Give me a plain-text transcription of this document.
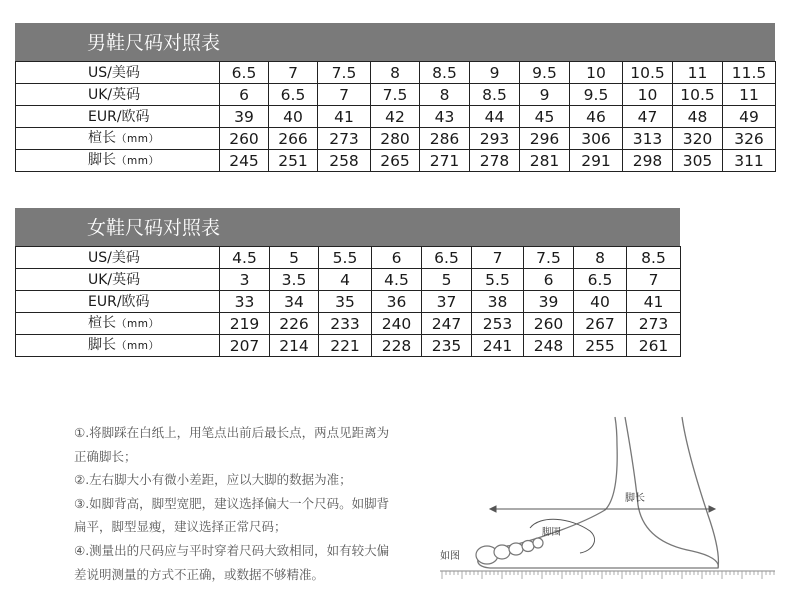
男鞋尺码对照表
US/美码	6.5	7	7.5	8	8.5	9	9.5	10	10.5	11	11.5
UK/英码	6	6.5	7	7.5	8	8.5	9	9.5	10	10.5	11
EUR/欧码	39	40	41	42	43	44	45	46	47	48	49
楦长（mm）	260	266	273	280	286	293	296	306	313	320	326
脚长（mm）	245	251	258	265	271	278	281	291	298	305	311
女鞋尺码对照表
US/美码	4.5	5	5.5	6	6.5	7	7.5	8	8.5
UK/英码	3	3.5	4	4.5	5	5.5	6	6.5	7
EUR/欧码	33	34	35	36	37	38	39	40	41
楦长（mm）	219	226	233	240	247	253	260	267	273
脚长（mm）	207	214	221	228	235	241	248	255	261

①.将脚踩在白纸上，用笔点出前后最长点，两点见距离为

正确脚长；

②.左右脚大小有微小差距，应以大脚的数据为准；

③.如脚背高，脚型宽肥，建议选择偏大一个尺码。如脚背

扁平，脚型显瘦，建议选择正常尺码；

④.测量出的尺码应与平时穿着尺码大致相同，如有较大偏

差说明测量的方式不正确，或数据不够精准。

脚长
脚围
如图
